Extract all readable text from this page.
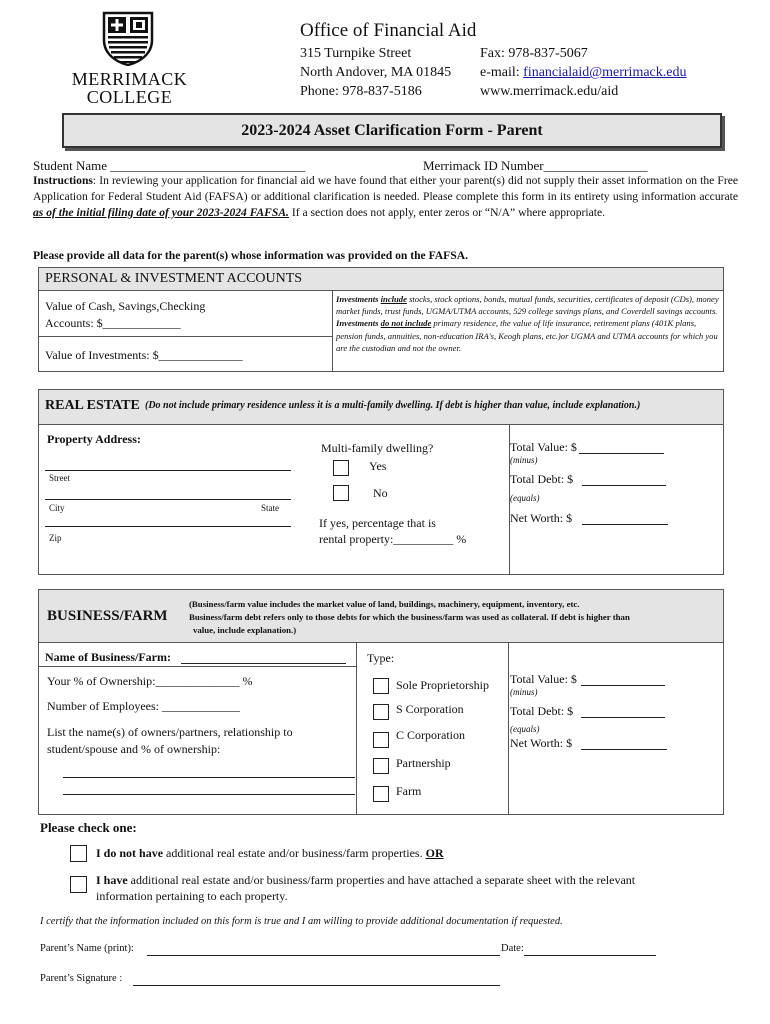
MERRIMACK
COLLEGE
Office of Financial Aid
315 Turnpike Street
North Andover, MA 01845
Phone: 978-837-5186
Fax: 978-837-5067
e-mail: financialaid@merrimack.edu
www.merrimack.edu/aid
2023-2024 Asset Clarification Form - Parent
Student Name ______________________________	Merrimack ID Number________________
Instructions: In reviewing your application for financial aid we have found that either your parent(s) did not supply their asset information on the Free Application for Federal Student Aid (FAFSA) or additional clarification is needed. Please complete this form in its entirety using information accurate as of the initial filing date of your 2023-2024 FAFSA. If a section does not apply, enter zeros or “N/A” where appropriate.
Please provide all data for the parent(s) whose information was provided on the FAFSA.
PERSONAL & INVESTMENT ACCOUNTS
Value of Cash, Savings,Checking
Accounts: $_____________
Value of Investments: $______________
Investments include stocks, stock options, bonds, mutual funds, securities, certificates of deposit (CDs), money market funds, trust funds, UGMA/UTMA accounts, 529 college savings plans, and Coverdell savings accounts. Investments do not include primary residence, the value of life insurance, retirement plans (401K plans, pension funds, annuities, non-education IRA's, Keogh plans, etc.)or UGMA and UTMA accounts for which you are the custodian and not the owner.
REAL ESTATE (Do not include primary residence unless it is a multi-family dwelling. If debt is higher than value, include explanation.)
Property Address:
Street
City	State
Zip
Multi-family dwelling?
Yes
No
If yes, percentage that is
rental property:__________ %
Total Value: $
(minus)
Total Debt: $
(equals)
Net Worth: $
BUSINESS/FARM
(Business/farm value includes the market value of land, buildings, machinery, equipment, inventory, etc.
Business/farm debt refers only to those debts for which the business/farm was used as collateral. If debt is higher than
value, include explanation.)
Name of Business/Farm:
Your % of Ownership:______________ %
Number of Employees: _____________
List the name(s) of owners/partners, relationship to
student/spouse and % of ownership:
Type:
Sole Proprietorship
S Corporation
C Corporation
Partnership
Farm
Total Value: $
(minus)
Total Debt: $
(equals)
Net Worth: $
Please check one:
I do not have additional real estate and/or business/farm properties. OR
I have additional real estate and/or business/farm properties and have attached a separate sheet with the relevant
information pertaining to each property.
I certify that the information included on this form is true and I am willing to provide additional documentation if requested.
Parent’s Name (print):	Date:
Parent’s Signature :
